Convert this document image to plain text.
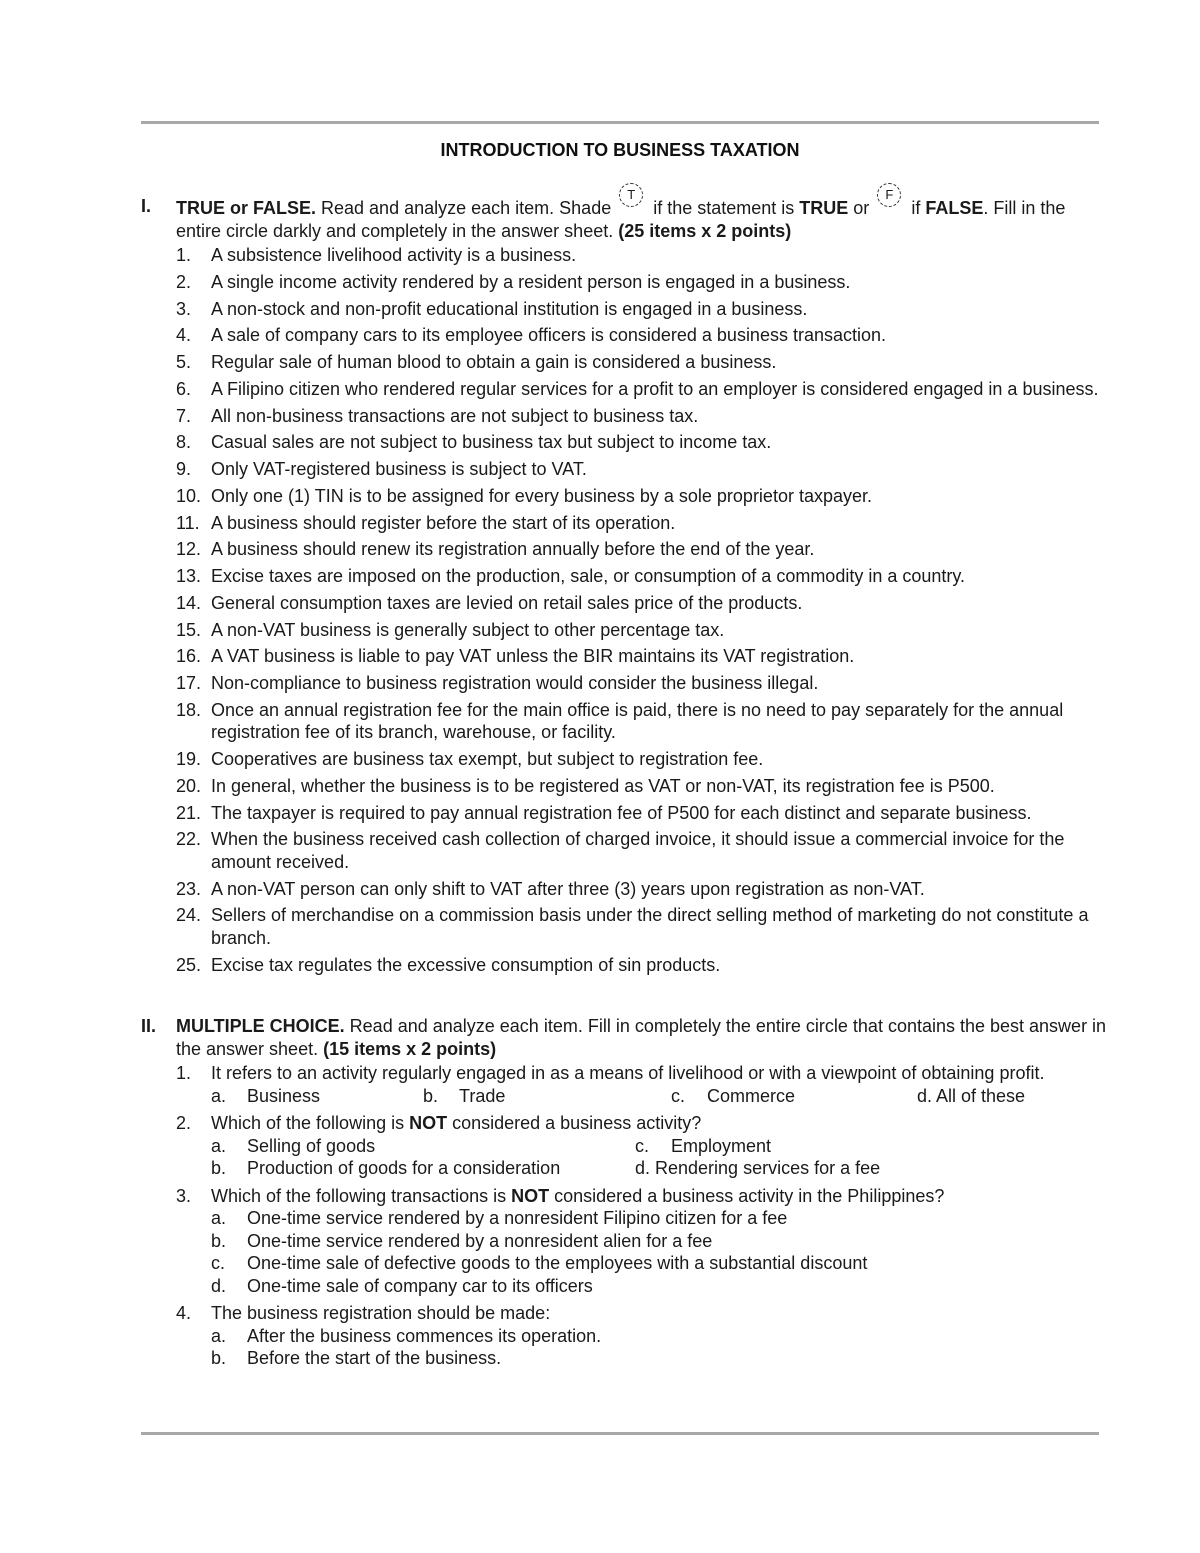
INTRODUCTION TO BUSINESS TAXATION
I. TRUE or FALSE. Read and analyze each item. Shade
T
if the statement is TRUE or
F
if FALSE. Fill in the entire circle darkly and completely in the answer sheet. (25 items x 2 points)
1. A subsistence livelihood activity is a business.
2. A single income activity rendered by a resident person is engaged in a business.
3. A non-stock and non-profit educational institution is engaged in a business.
4. A sale of company cars to its employee officers is considered a business transaction.
5. Regular sale of human blood to obtain a gain is considered a business.
6. A Filipino citizen who rendered regular services for a profit to an employer is considered engaged in a business.
7. All non-business transactions are not subject to business tax.
8. Casual sales are not subject to business tax but subject to income tax.
9. Only VAT-registered business is subject to VAT.
10. Only one (1) TIN is to be assigned for every business by a sole proprietor taxpayer.
11. A business should register before the start of its operation.
12. A business should renew its registration annually before the end of the year.
13. Excise taxes are imposed on the production, sale, or consumption of a commodity in a country.
14. General consumption taxes are levied on retail sales price of the products.
15. A non-VAT business is generally subject to other percentage tax.
16. A VAT business is liable to pay VAT unless the BIR maintains its VAT registration.
17. Non-compliance to business registration would consider the business illegal.
18. Once an annual registration fee for the main office is paid, there is no need to pay separately for the annual registration fee of its branch, warehouse, or facility.
19. Cooperatives are business tax exempt, but subject to registration fee.
20. In general, whether the business is to be registered as VAT or non-VAT, its registration fee is P500.
21. The taxpayer is required to pay annual registration fee of P500 for each distinct and separate business.
22. When the business received cash collection of charged invoice, it should issue a commercial invoice for the amount received.
23. A non-VAT person can only shift to VAT after three (3) years upon registration as non-VAT.
24. Sellers of merchandise on a commission basis under the direct selling method of marketing do not constitute a branch.
25. Excise tax regulates the excessive consumption of sin products.
II. MULTIPLE CHOICE. Read and analyze each item. Fill in completely the entire circle that contains the best answer in the answer sheet. (15 items x 2 points)
1. It refers to an activity regularly engaged in as a means of livelihood or with a viewpoint of obtaining profit.
a. Business	b. Trade	c. Commerce	d. All of these
2. Which of the following is NOT considered a business activity?
a. Selling of goods	c. Employment
b. Production of goods for a consideration	d. Rendering services for a fee
3. Which of the following transactions is NOT considered a business activity in the Philippines?
a. One-time service rendered by a nonresident Filipino citizen for a fee
b. One-time service rendered by a nonresident alien for a fee
c. One-time sale of defective goods to the employees with a substantial discount
d. One-time sale of company car to its officers
4. The business registration should be made:
a. After the business commences its operation.
b. Before the start of the business.
